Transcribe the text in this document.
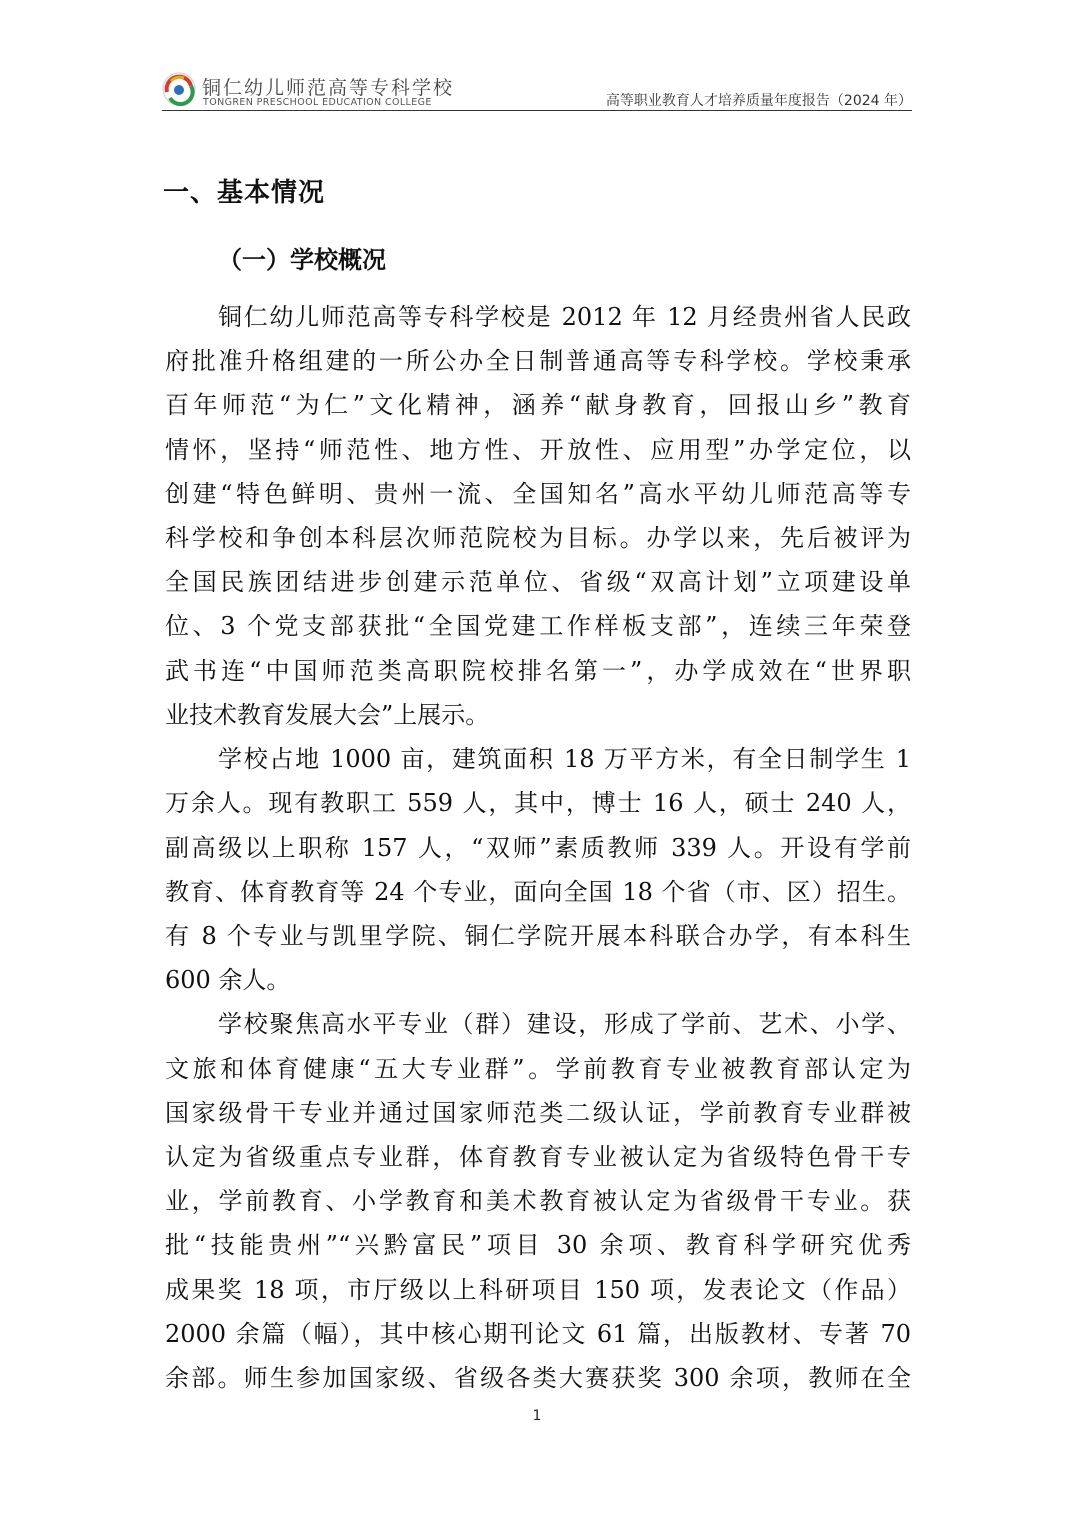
铜仁幼儿师范高等专科学校
TONGREN PRESCHOOL EDUCATION COLLEGE	高等职业教育人才培养质量年度报告（2024 年）
一、基本情况
（一）学校概况
铜仁幼儿师范高等专科学校是 2012 年 12 月经贵州省人民政
府批准升格组建的一所公办全日制普通高等专科学校。学校秉承
百年师范“为仁”文化精神，涵养“献身教育，回报山乡”教育
情怀，坚持“师范性、地方性、开放性、应用型”办学定位，以
创建“特色鲜明、贵州一流、全国知名”高水平幼儿师范高等专
科学校和争创本科层次师范院校为目标。办学以来，先后被评为
全国民族团结进步创建示范单位、省级“双高计划”立项建设单
位、3 个党支部获批“全国党建工作样板支部”，连续三年荣登
武书连“中国师范类高职院校排名第一”，办学成效在“世界职
业技术教育发展大会”上展示。
学校占地 1000 亩，建筑面积 18 万平方米，有全日制学生 1
万余人。现有教职工 559 人，其中，博士 16 人，硕士 240 人，
副高级以上职称 157 人，“双师”素质教师 339 人。开设有学前
教育、体育教育等 24 个专业，面向全国 18 个省（市、区）招生。
有 8 个专业与凯里学院、铜仁学院开展本科联合办学，有本科生
600 余人。
学校聚焦高水平专业（群）建设，形成了学前、艺术、小学、
文旅和体育健康“五大专业群”。学前教育专业被教育部认定为
国家级骨干专业并通过国家师范类二级认证，学前教育专业群被
认定为省级重点专业群，体育教育专业被认定为省级特色骨干专
业，学前教育、小学教育和美术教育被认定为省级骨干专业。获
批“技能贵州”“兴黔富民”项目 30 余项、教育科学研究优秀
成果奖 18 项，市厅级以上科研项目 150 项，发表论文（作品）
2000 余篇（幅），其中核心期刊论文 61 篇，出版教材、专著 70
余部。师生参加国家级、省级各类大赛获奖 300 余项，教师在全
1
